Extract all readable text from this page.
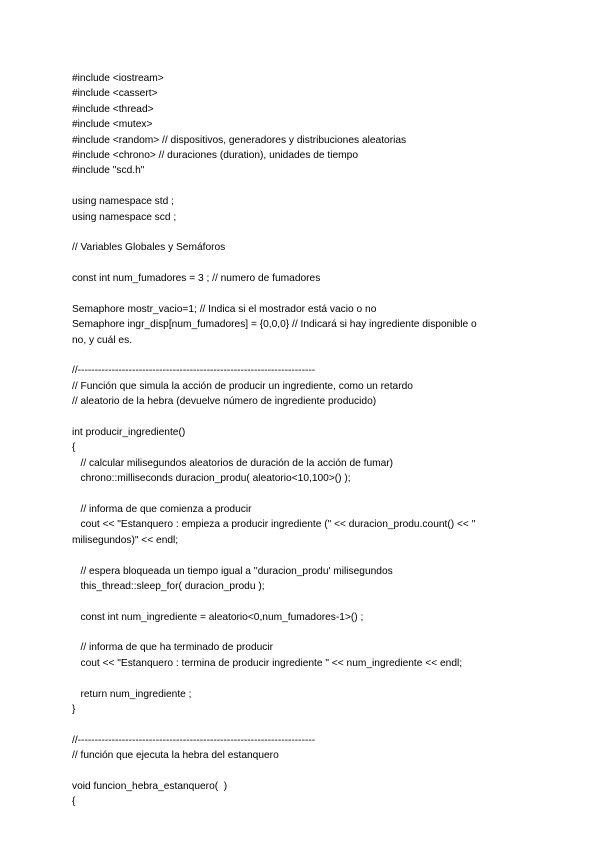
#include <iostream>
#include <cassert>
#include <thread>
#include <mutex>
#include <random> // dispositivos, generadores y distribuciones aleatorias
#include <chrono> // duraciones (duration), unidades de tiempo
#include "scd.h"
using namespace std ;
using namespace scd ;
// Variables Globales y Semáforos
const int num_fumadores = 3 ; // numero de fumadores
Semaphore mostr_vacio=1; // Indica si el mostrador está vacio o no
Semaphore ingr_disp[num_fumadores] = {0,0,0} // Indicará si hay ingrediente disponible o
no, y cuál es.
//----------------------------------------------------------------------
// Función que simula la acción de producir un ingrediente, como un retardo
// aleatorio de la hebra (devuelve número de ingrediente producido)
int producir_ingrediente()
{
// calcular milisegundos aleatorios de duración de la acción de fumar)
chrono::milliseconds duracion_produ( aleatorio<10,100>() );
// informa de que comienza a producir
cout << "Estanquero : empieza a producir ingrediente (" << duracion_produ.count() << "
milisegundos)" << endl;
// espera bloqueada un tiempo igual a ''duracion_produ' milisegundos
this_thread::sleep_for( duracion_produ );
const int num_ingrediente = aleatorio<0,num_fumadores-1>() ;
// informa de que ha terminado de producir
cout << "Estanquero : termina de producir ingrediente " << num_ingrediente << endl;
return num_ingrediente ;
}
//----------------------------------------------------------------------
// función que ejecuta la hebra del estanquero
void funcion_hebra_estanquero(  )
{
